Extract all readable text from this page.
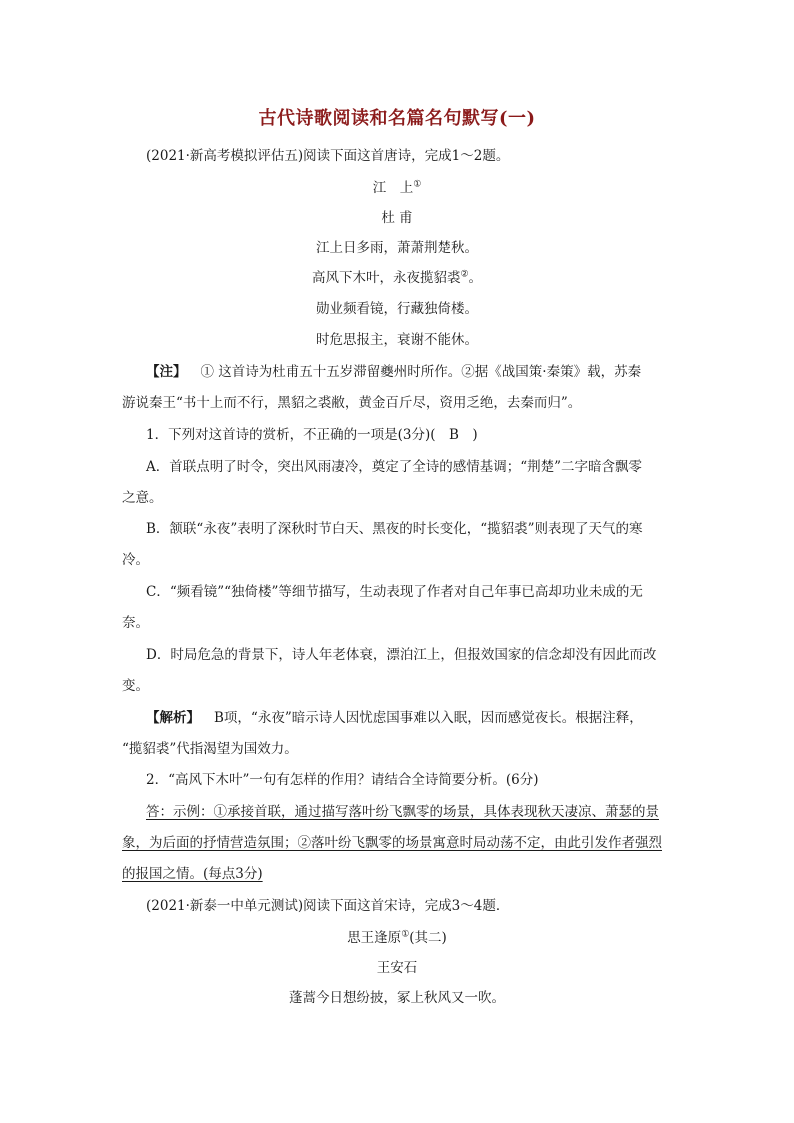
古代诗歌阅读和名篇名句默写(一)
(2021·新高考模拟评估五)阅读下面这首唐诗，完成1～2题。
江　上①
杜 甫
江上日多雨，萧萧荆楚秋。
高风下木叶，永夜揽貂裘②。
勋业频看镜，行藏独倚楼。
时危思报主，衰谢不能休。
【注】 ① 这首诗为杜甫五十五岁滞留夔州时所作。②据《战国策·秦策》载，苏秦
游说秦王“书十上而不行，黑貂之裘敝，黄金百斤尽，资用乏绝，去秦而归”。
1．下列对这首诗的赏析，不正确的一项是(3分)(　B　)
A．首联点明了时令，突出风雨凄冷，奠定了全诗的感情基调；“荆楚”二字暗含飘零
之意。
B．颔联“永夜”表明了深秋时节白天、黑夜的时长变化，“揽貂裘”则表现了天气的寒
冷。
C．“频看镜”“独倚楼”等细节描写，生动表现了作者对自己年事已高却功业未成的无
奈。
D．时局危急的背景下，诗人年老体衰，漂泊江上，但报效国家的信念却没有因此而改
变。
【解析】 B项，“永夜”暗示诗人因忧虑国事难以入眠，因而感觉夜长。根据注释，
“揽貂裘”代指渴望为国效力。
2．“高风下木叶”一句有怎样的作用？请结合全诗简要分析。(6分)
答：示例：①承接首联，通过描写落叶纷飞飘零的场景，具体表现秋天凄凉、萧瑟的景
象，为后面的抒情营造氛围；②落叶纷飞飘零的场景寓意时局动荡不定，由此引发作者强烈
的报国之情。(每点3分)
(2021·新泰一中单元测试)阅读下面这首宋诗，完成3～4题．
思王逢原①(其二)
王安石
蓬蒿今日想纷披，冢上秋风又一吹。
